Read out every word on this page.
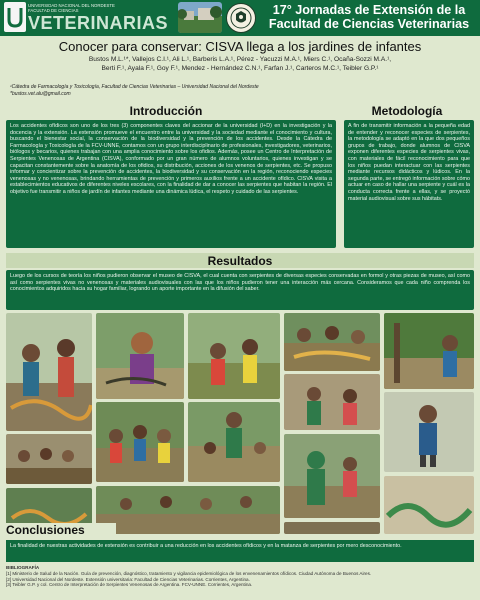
UNIVERSIDAD NACIONAL DEL NORDESTE
FACULTAD DE CIENCIAS
VETERINARIAS
17° Jornadas de Extensión de la
Facultad de Ciencias Veterinarias
Conocer para conservar: CISVA llega a los jardines de infantes
Bustos M.L.¹*, Vallejos C.I.¹, Ali L.¹, Barberis L.A.¹, Pérez - Yacuzzi M.A.¹, Miers C.¹, Ocaña-Sozzi M.A.¹,
Berti F.¹, Ayala F.¹, Goy F.¹, Mendez - Hernández C.N.¹, Farfan J.¹, Carteros M.C.¹, Teibler G.P.¹
¹Cátedra de Farmacología y Toxicología, Facultad de Ciencias Veterinarias – Universidad Nacional del Nordeste
*bustos.vet.alu@gmail.com
Introducción
Los accidentes ofídicos son uno de los tres (3) componentes claves del accionar de la universidad (I+D) en la investigación y la docencia y la extensión. La extensión promueve el encuentro entre la universidad y la sociedad mediante el conocimiento y cultura, buscando el bienestar social, la conservación de la biodiversidad y la prevención de los accidentes. Desde la Cátedra de Farmacología y Toxicología de la FCV-UNNE, contamos con un grupo interdisciplinario de profesionales, investigadores, veterinarios, biólogos y becarios, quienes trabajan con una amplia conocimiento sobre los ofidios. Además, posee un Centro de Interpretación de Serpientes Venenosas de Argentina (CISVA), conformado por un gran número de alumnos voluntarios, quienes investigan y se capacitan constantemente sobre la anatomía de los ofidios, su distribución, acciones de los venenos de serpientes, etc. Se propuso informar y concientizar sobre la prevención de accidentes, la biodiversidad y su conservación en la región, reconociendo especies venenosas y no venenosas, brindando herramientas de prevención y primeros auxilios frente a un accidente ofídico. CISVA visita a establecimientos educativos de diferentes niveles escolares, con la finalidad de dar a conocer las serpientes que habitan la región. El objetivo fue transmitir a niños de jardín de infantes mediante una dinámica lúdica, el respeto y cuidado de las serpientes.
Metodología
A fin de transmitir información a la pequeña edad de entender y reconocer especies de serpientes, la metodología se adaptó en la que dos pequeños grupos de trabajo, donde alumnos de CISVA exponen diferentes especies de serpientes vivas, con materiales de fácil reconocimiento para que los niños puedan interactuar con las serpientes mediante recursos didácticos y lúdicos. En la segunda parte, se entregó información sobre cómo actuar en caso de hallar una serpiente y cuál es la conducta correcta frente a ellas, y se proyectó material audiovisual sobre sus hábitats.
Resultados
Luego de los cursos de teoría los niños pudieron observar el museo de CISVA, el cual cuenta con serpientes de diversas especies conservadas en formol y otras piezas de museo, así como así como serpientes vivas no venenosas y materiales audiovisuales con las que los niños pudieron tener una interacción más cercana. Consideramos que cada niño comprenda los conocimientos adquiridos hacia su hogar familiar, logrando un aporte importante en la difusión del saber.
Conclusiones
La finalidad de nuestras actividades de extensión es contribuir a una reducción en los accidentes ofídicos y en la matanza de serpientes por mero desconocimiento.
BIBLIOGRAFÍA
[1] Ministerio de Salud de la Nación. Guía de prevención, diagnóstico, tratamiento y vigilancia epidemiológica de los envenenamientos ofídicos. Ciudad Autónoma de Buenos Aires.
[2] Universidad Nacional del Nordeste. Extensión universitaria: Facultad de Ciencias Veterinarias. Corrientes, Argentina.
[3] Teibler G.P. y col. Centro de Interpretación de Serpientes Venenosas de Argentina. FCV-UNNE. Corrientes, Argentina.
